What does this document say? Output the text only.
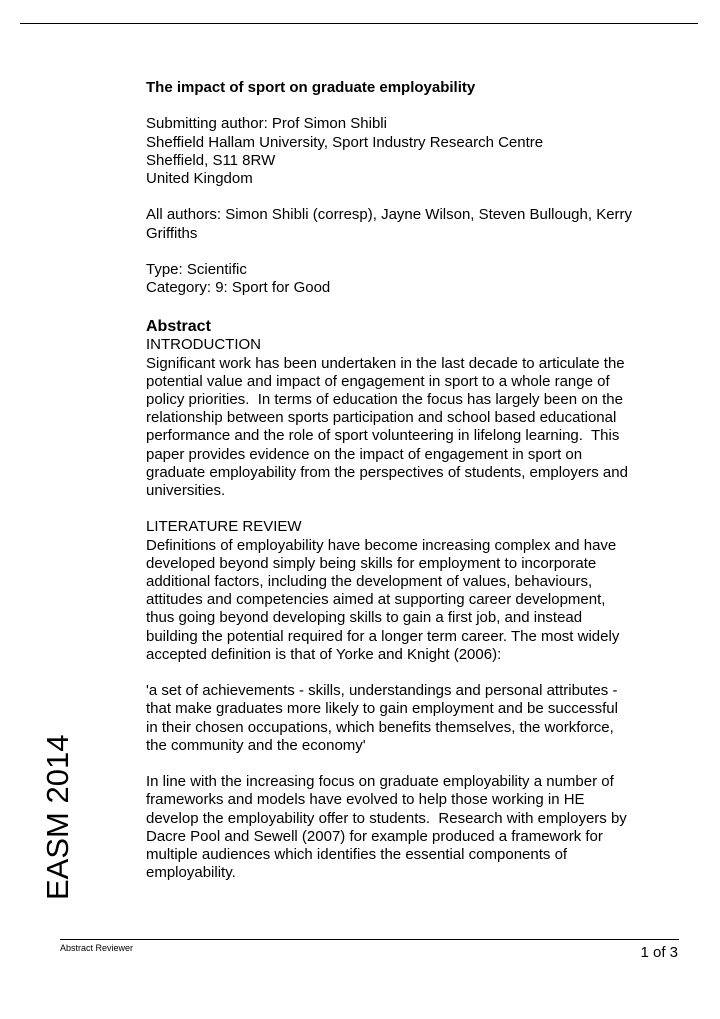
EASM 2014
The impact of sport on graduate employability
Submitting author: Prof Simon Shibli
Sheffield Hallam University, Sport Industry Research Centre
Sheffield, S11 8RW
United Kingdom
All authors: Simon Shibli (corresp), Jayne Wilson, Steven Bullough, Kerry
Griffiths
Type: Scientific
Category: 9: Sport for Good
Abstract
INTRODUCTION
Significant work has been undertaken in the last decade to articulate the
potential value and impact of engagement in sport to a whole range of
policy priorities.  In terms of education the focus has largely been on the
relationship between sports participation and school based educational
performance and the role of sport volunteering in lifelong learning.  This
paper provides evidence on the impact of engagement in sport on
graduate employability from the perspectives of students, employers and
universities.
LITERATURE REVIEW
Definitions of employability have become increasing complex and have
developed beyond simply being skills for employment to incorporate
additional factors, including the development of values, behaviours,
attitudes and competencies aimed at supporting career development,
thus going beyond developing skills to gain a first job, and instead
building the potential required for a longer term career. The most widely
accepted definition is that of Yorke and Knight (2006):
'a set of achievements - skills, understandings and personal attributes -
that make graduates more likely to gain employment and be successful
in their chosen occupations, which benefits themselves, the workforce,
the community and the economy'
In line with the increasing focus on graduate employability a number of
frameworks and models have evolved to help those working in HE
develop the employability offer to students.  Research with employers by
Dacre Pool and Sewell (2007) for example produced a framework for
multiple audiences which identifies the essential components of
employability.
Abstract Reviewer	1 of 3
